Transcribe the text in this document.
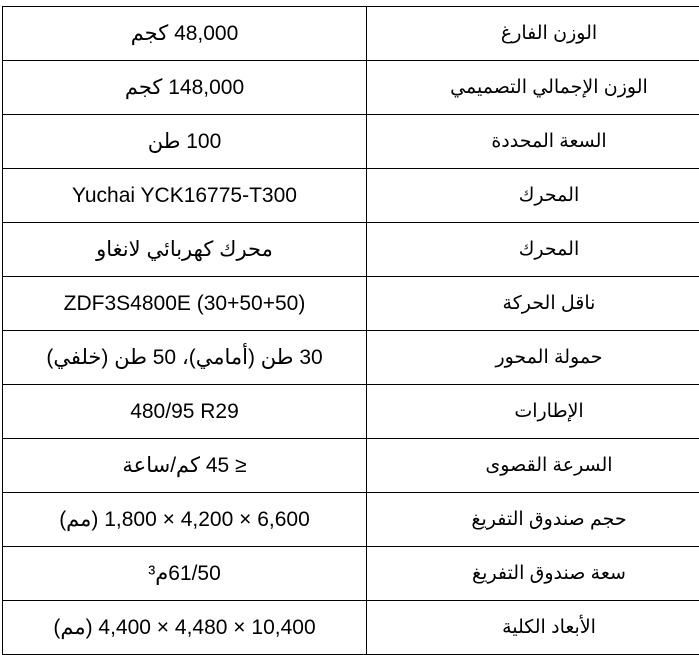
48,000 كجم	الوزن الفارغ
148,000 كجم	الوزن الإجمالي التصميمي
100 طن	السعة المحددة
Yuchai YCK16775-T300	المحرك
محرك كهربائي لانغاو	المحرك
ZDF3S4800E (30+50+50)	ناقل الحركة
30 طن (أمامي)، 50 طن (خلفي)	حمولة المحور
480/95 R29	الإطارات
≤ 45 كم/ساعة	السرعة القصوى
6,600 × 4,200 × 1,800 (مم)	حجم صندوق التفريغ
61/50م³	سعة صندوق التفريغ
10,400 × 4,480 × 4,400 (مم)	الأبعاد الكلية
